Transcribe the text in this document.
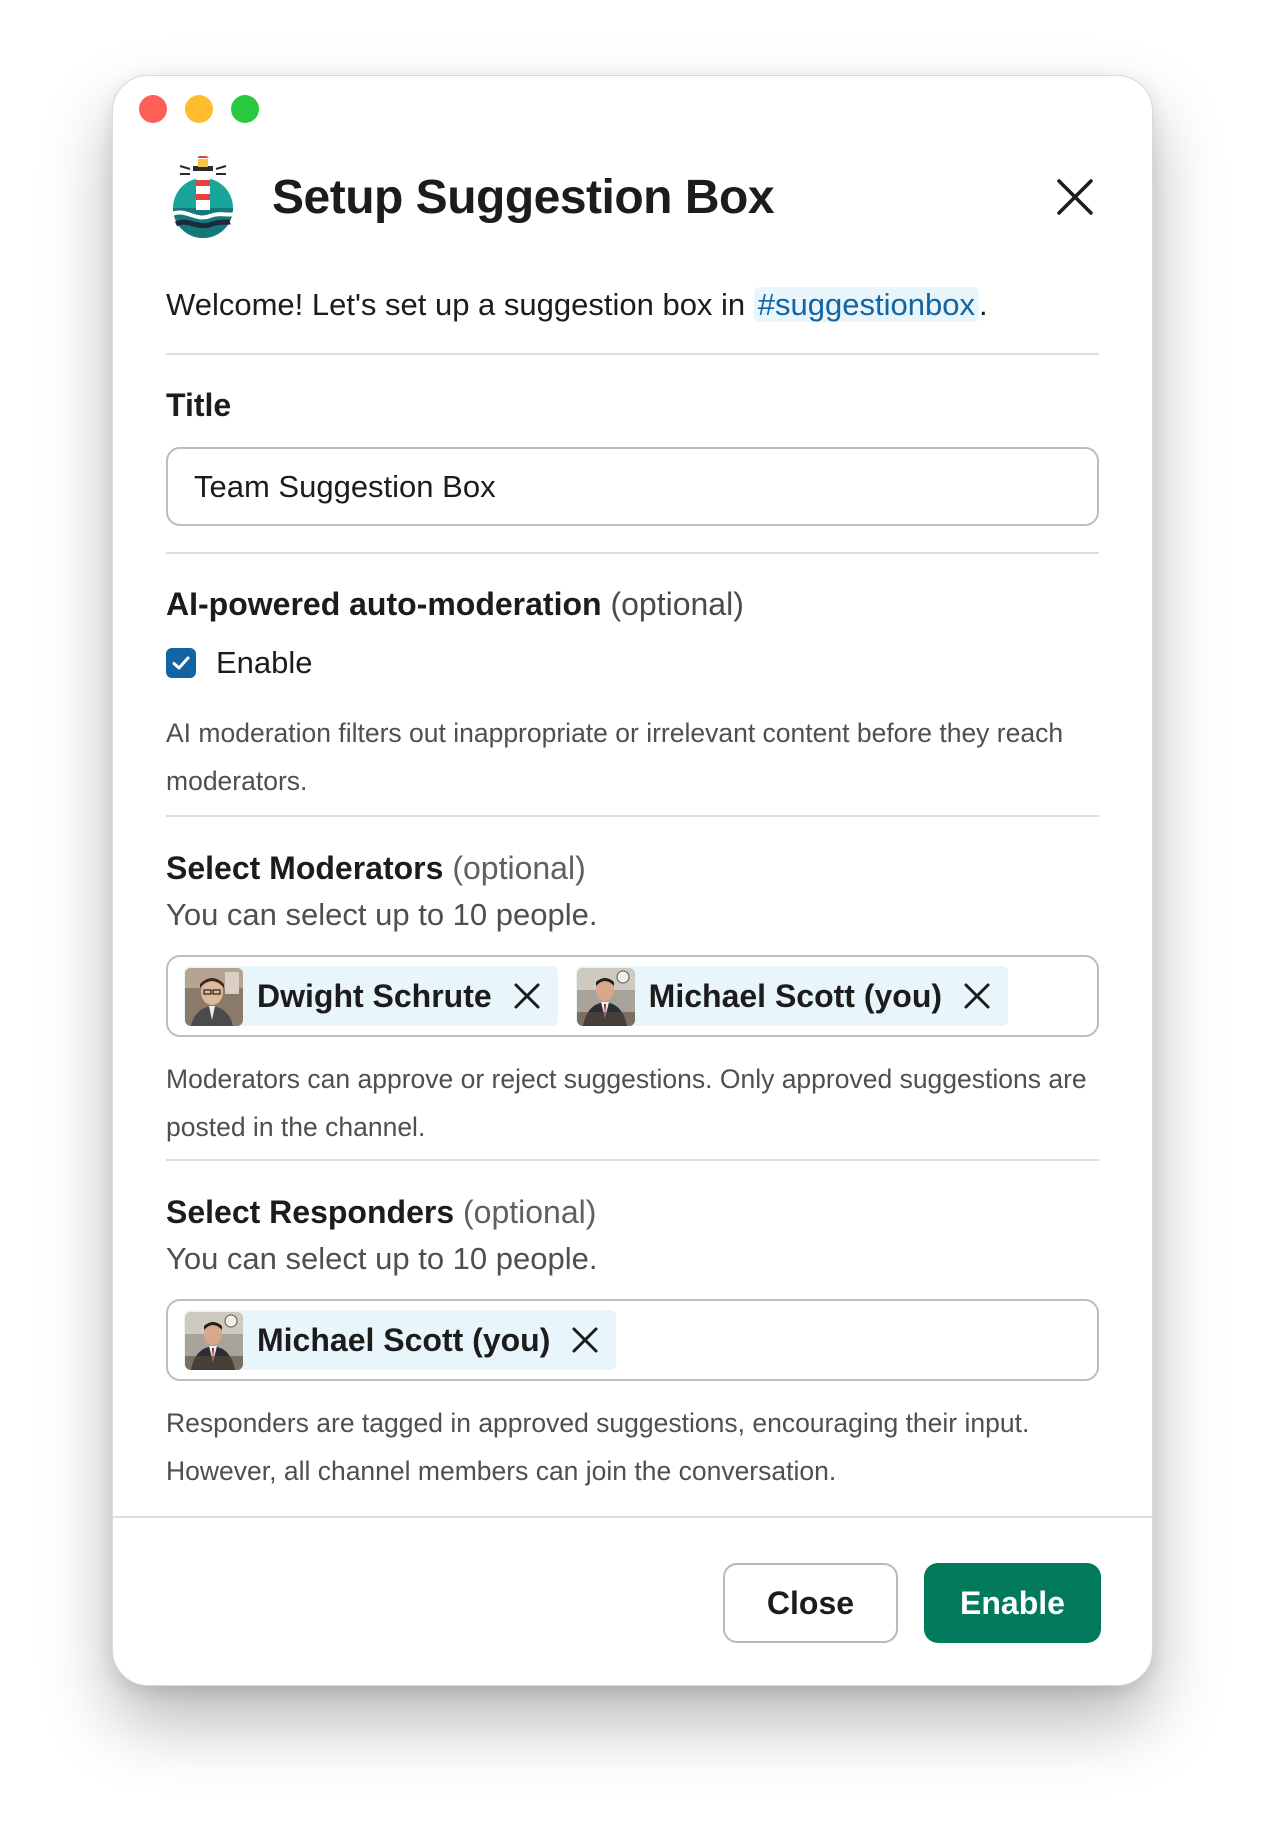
Setup Suggestion Box
Welcome! Let's set up a suggestion box in #suggestionbox .
Title
Team Suggestion Box
AI-powered auto-moderation (optional)
Enable
AI moderation filters out inappropriate or irrelevant content before they reach moderators.
Select Moderators (optional)
You can select up to 10 people.
Dwight Schrute	Michael Scott (you)
Moderators can approve or reject suggestions. Only approved suggestions are posted in the channel.
Select Responders (optional)
You can select up to 10 people.
Michael Scott (you)
Responders are tagged in approved suggestions, encouraging their input. However, all channel members can join the conversation.
Close	Enable
